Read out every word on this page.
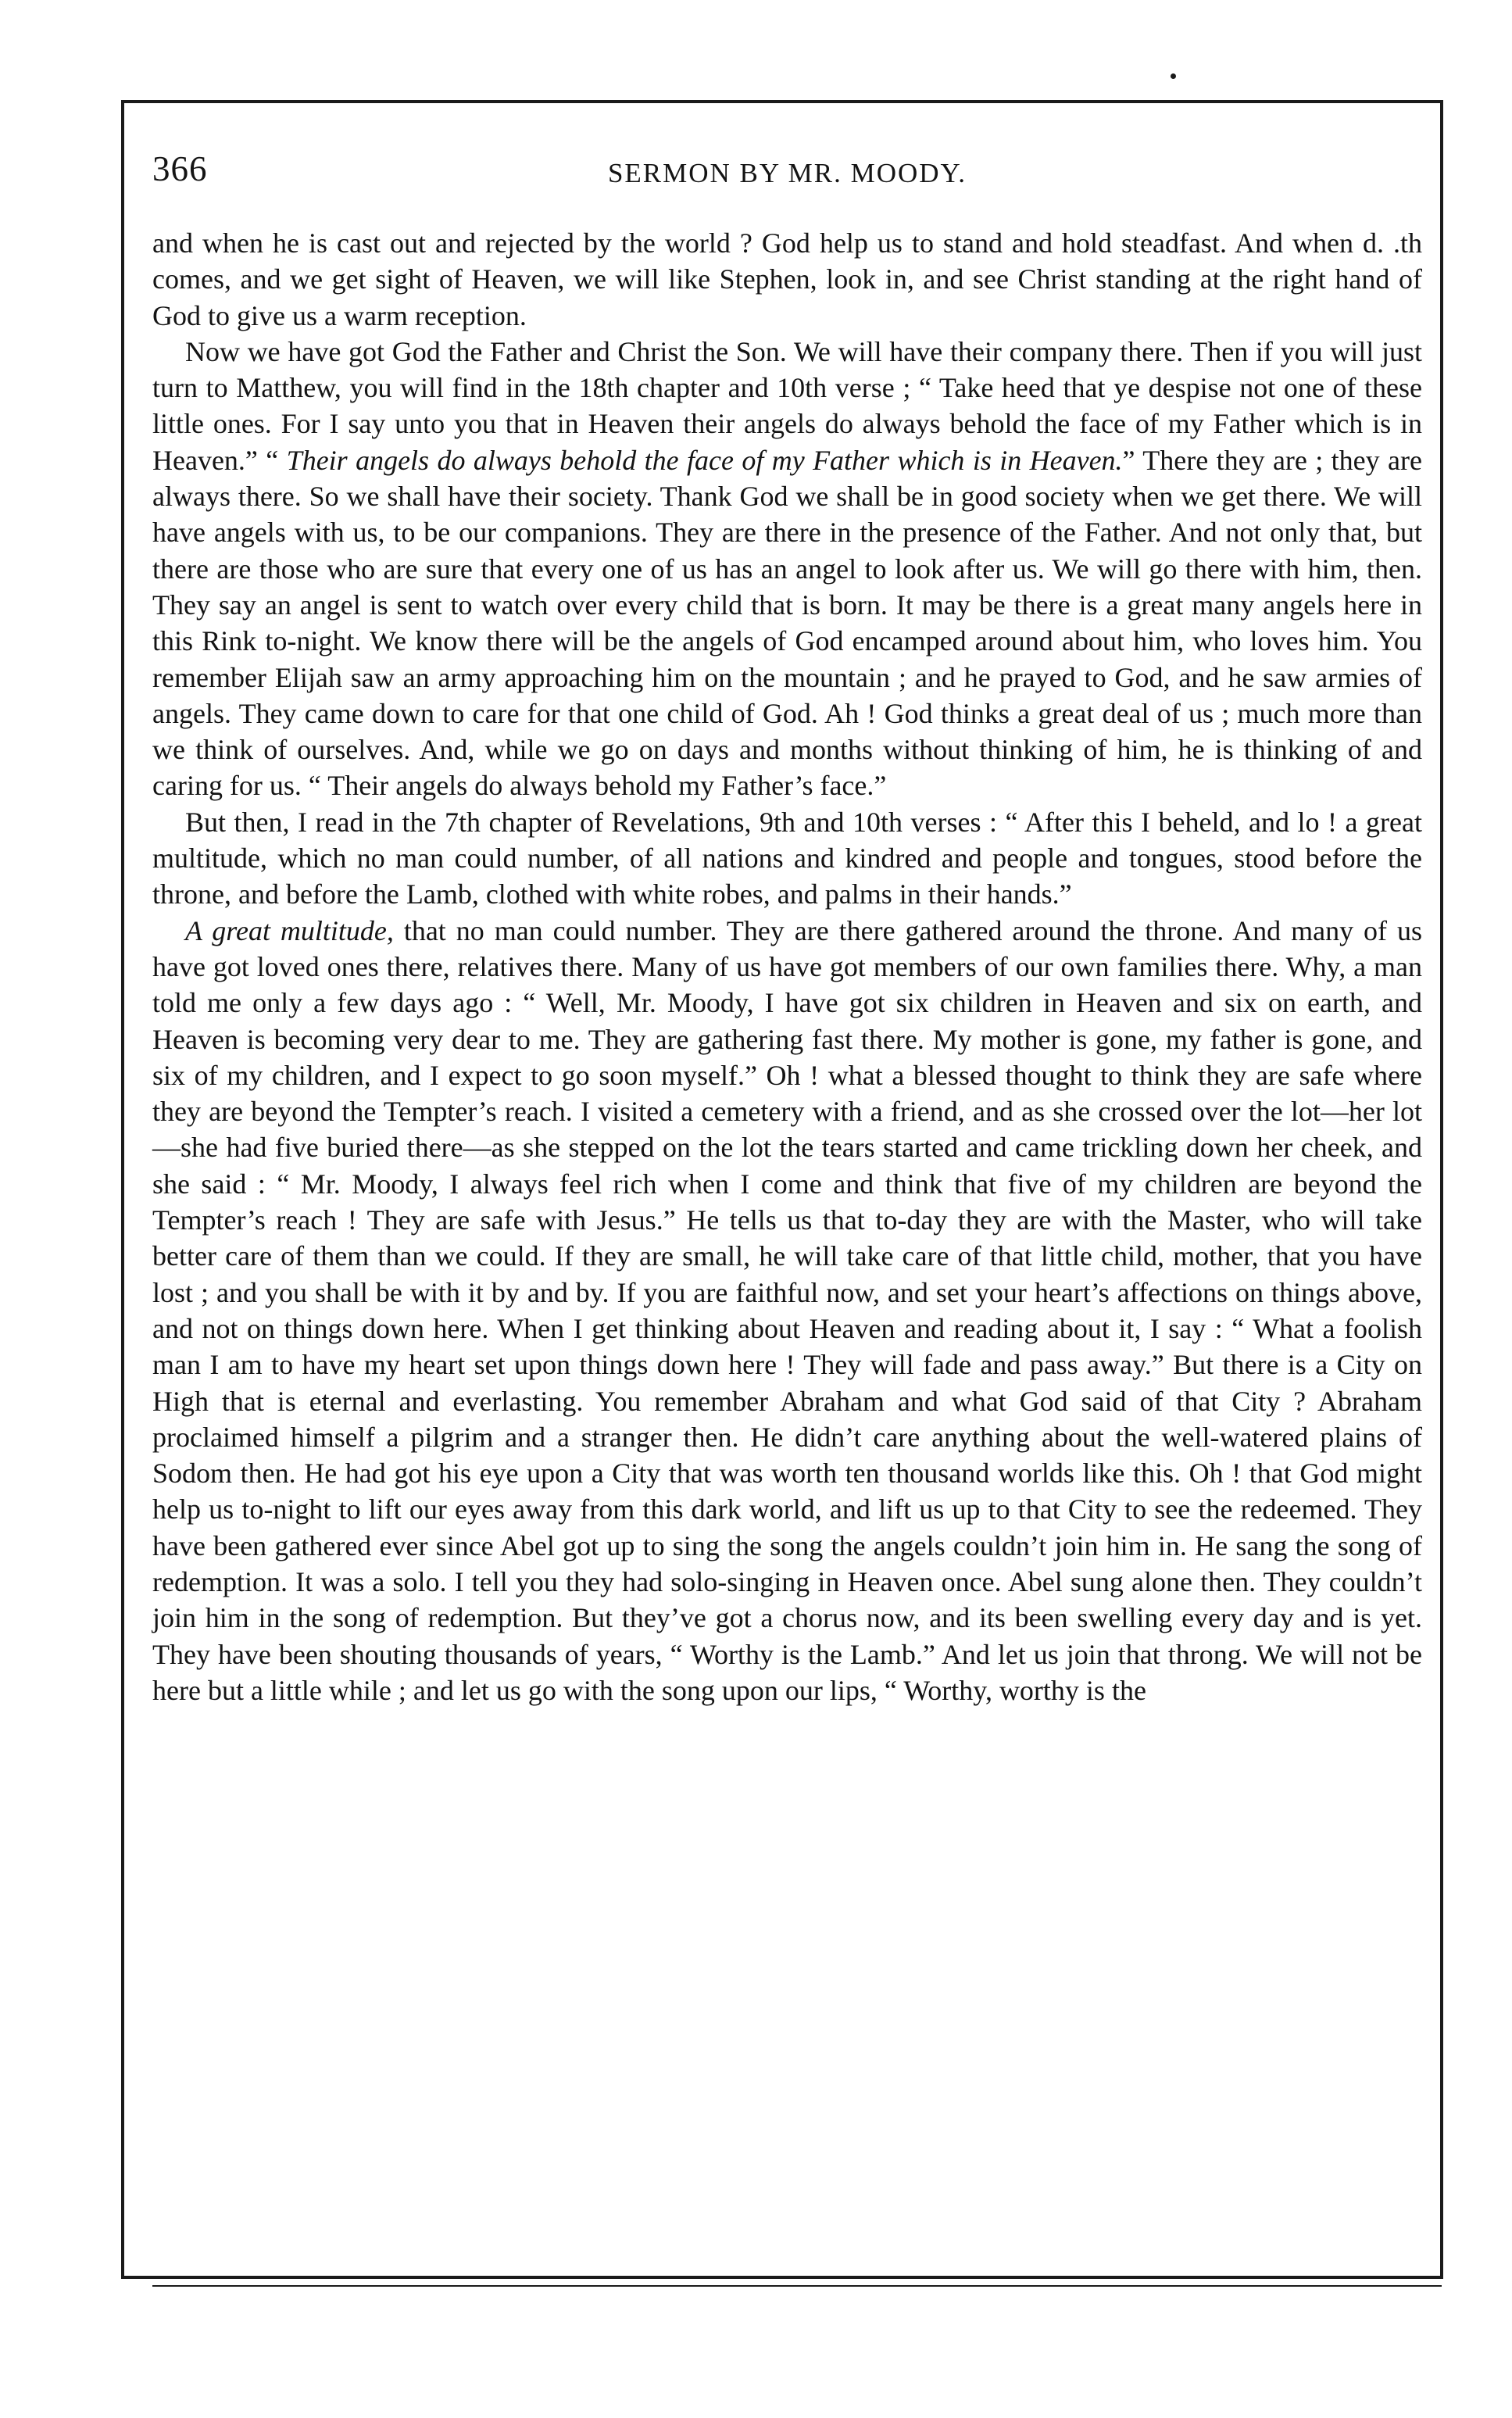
366	SERMON BY MR. MOODY.

and when he is cast out and rejected by the world ? God help us to stand and hold steadfast. And when d. .th comes, and we get sight of Heaven, we will like Stephen, look in, and see Christ standing at the right hand of God to give us a warm reception.

Now we have got God the Father and Christ the Son. We will have their company there. Then if you will just turn to Matthew, you will find in the 18th chapter and 10th verse ; “ Take heed that ye despise not one of these little ones. For I say unto you that in Heaven their angels do always behold the face of my Father which is in Heaven.” “ Their angels do always behold the face of my Father which is in Heaven.” There they are ; they are always there. So we shall have their society. Thank God we shall be in good society when we get there. We will have angels with us, to be our companions. They are there in the presence of the Father. And not only that, but there are those who are sure that every one of us has an angel to look after us. We will go there with him, then. They say an angel is sent to watch over every child that is born. It may be there is a great many angels here in this Rink to-night. We know there will be the angels of God encamped around about him, who loves him. You remember Elijah saw an army approaching him on the mountain ; and he prayed to God, and he saw armies of angels. They came down to care for that one child of God. Ah ! God thinks a great deal of us ; much more than we think of ourselves. And, while we go on days and months without thinking of him, he is thinking of and caring for us. “ Their angels do always behold my Father’s face.”

But then, I read in the 7th chapter of Revelations, 9th and 10th verses : “ After this I beheld, and lo ! a great multitude, which no man could number, of all nations and kindred and people and tongues, stood before the throne, and before the Lamb, clothed with white robes, and palms in their hands.”

A great multitude, that no man could number. They are there gathered around the throne. And many of us have got loved ones there, relatives there. Many of us have got members of our own families there. Why, a man told me only a few days ago : “ Well, Mr. Moody, I have got six children in Heaven and six on earth, and Heaven is becoming very dear to me. They are gathering fast there. My mother is gone, my father is gone, and six of my children, and I expect to go soon myself.” Oh ! what a blessed thought to think they are safe where they are beyond the Tempter’s reach. I visited a cemetery with a friend, and as she crossed over the lot—her lot—she had five buried there—as she stepped on the lot the tears started and came trickling down her cheek, and she said : “ Mr. Moody, I always feel rich when I come and think that five of my children are beyond the Tempter’s reach ! They are safe with Jesus.” He tells us that to-day they are with the Master, who will take better care of them than we could. If they are small, he will take care of that little child, mother, that you have lost ; and you shall be with it by and by. If you are faithful now, and set your heart’s affections on things above, and not on things down here. When I get thinking about Heaven and reading about it, I say : “ What a foolish man I am to have my heart set upon things down here ! They will fade and pass away.” But there is a City on High that is eternal and everlasting. You remember Abraham and what God said of that City ? Abraham proclaimed himself a pilgrim and a stranger then. He didn’t care anything about the well-watered plains of Sodom then. He had got his eye upon a City that was worth ten thousand worlds like this. Oh ! that God might help us to-night to lift our eyes away from this dark world, and lift us up to that City to see the redeemed. They have been gathered ever since Abel got up to sing the song the angels couldn’t join him in. He sang the song of redemption. It was a solo. I tell you they had solo-singing in Heaven once. Abel sung alone then. They couldn’t join him in the song of redemption. But they’ve got a chorus now, and its been swelling every day and is yet. They have been shouting thousands of years, “ Worthy is the Lamb.” And let us join that throng. We will not be here but a little while ; and let us go with the song upon our lips, “ Worthy, worthy is the
